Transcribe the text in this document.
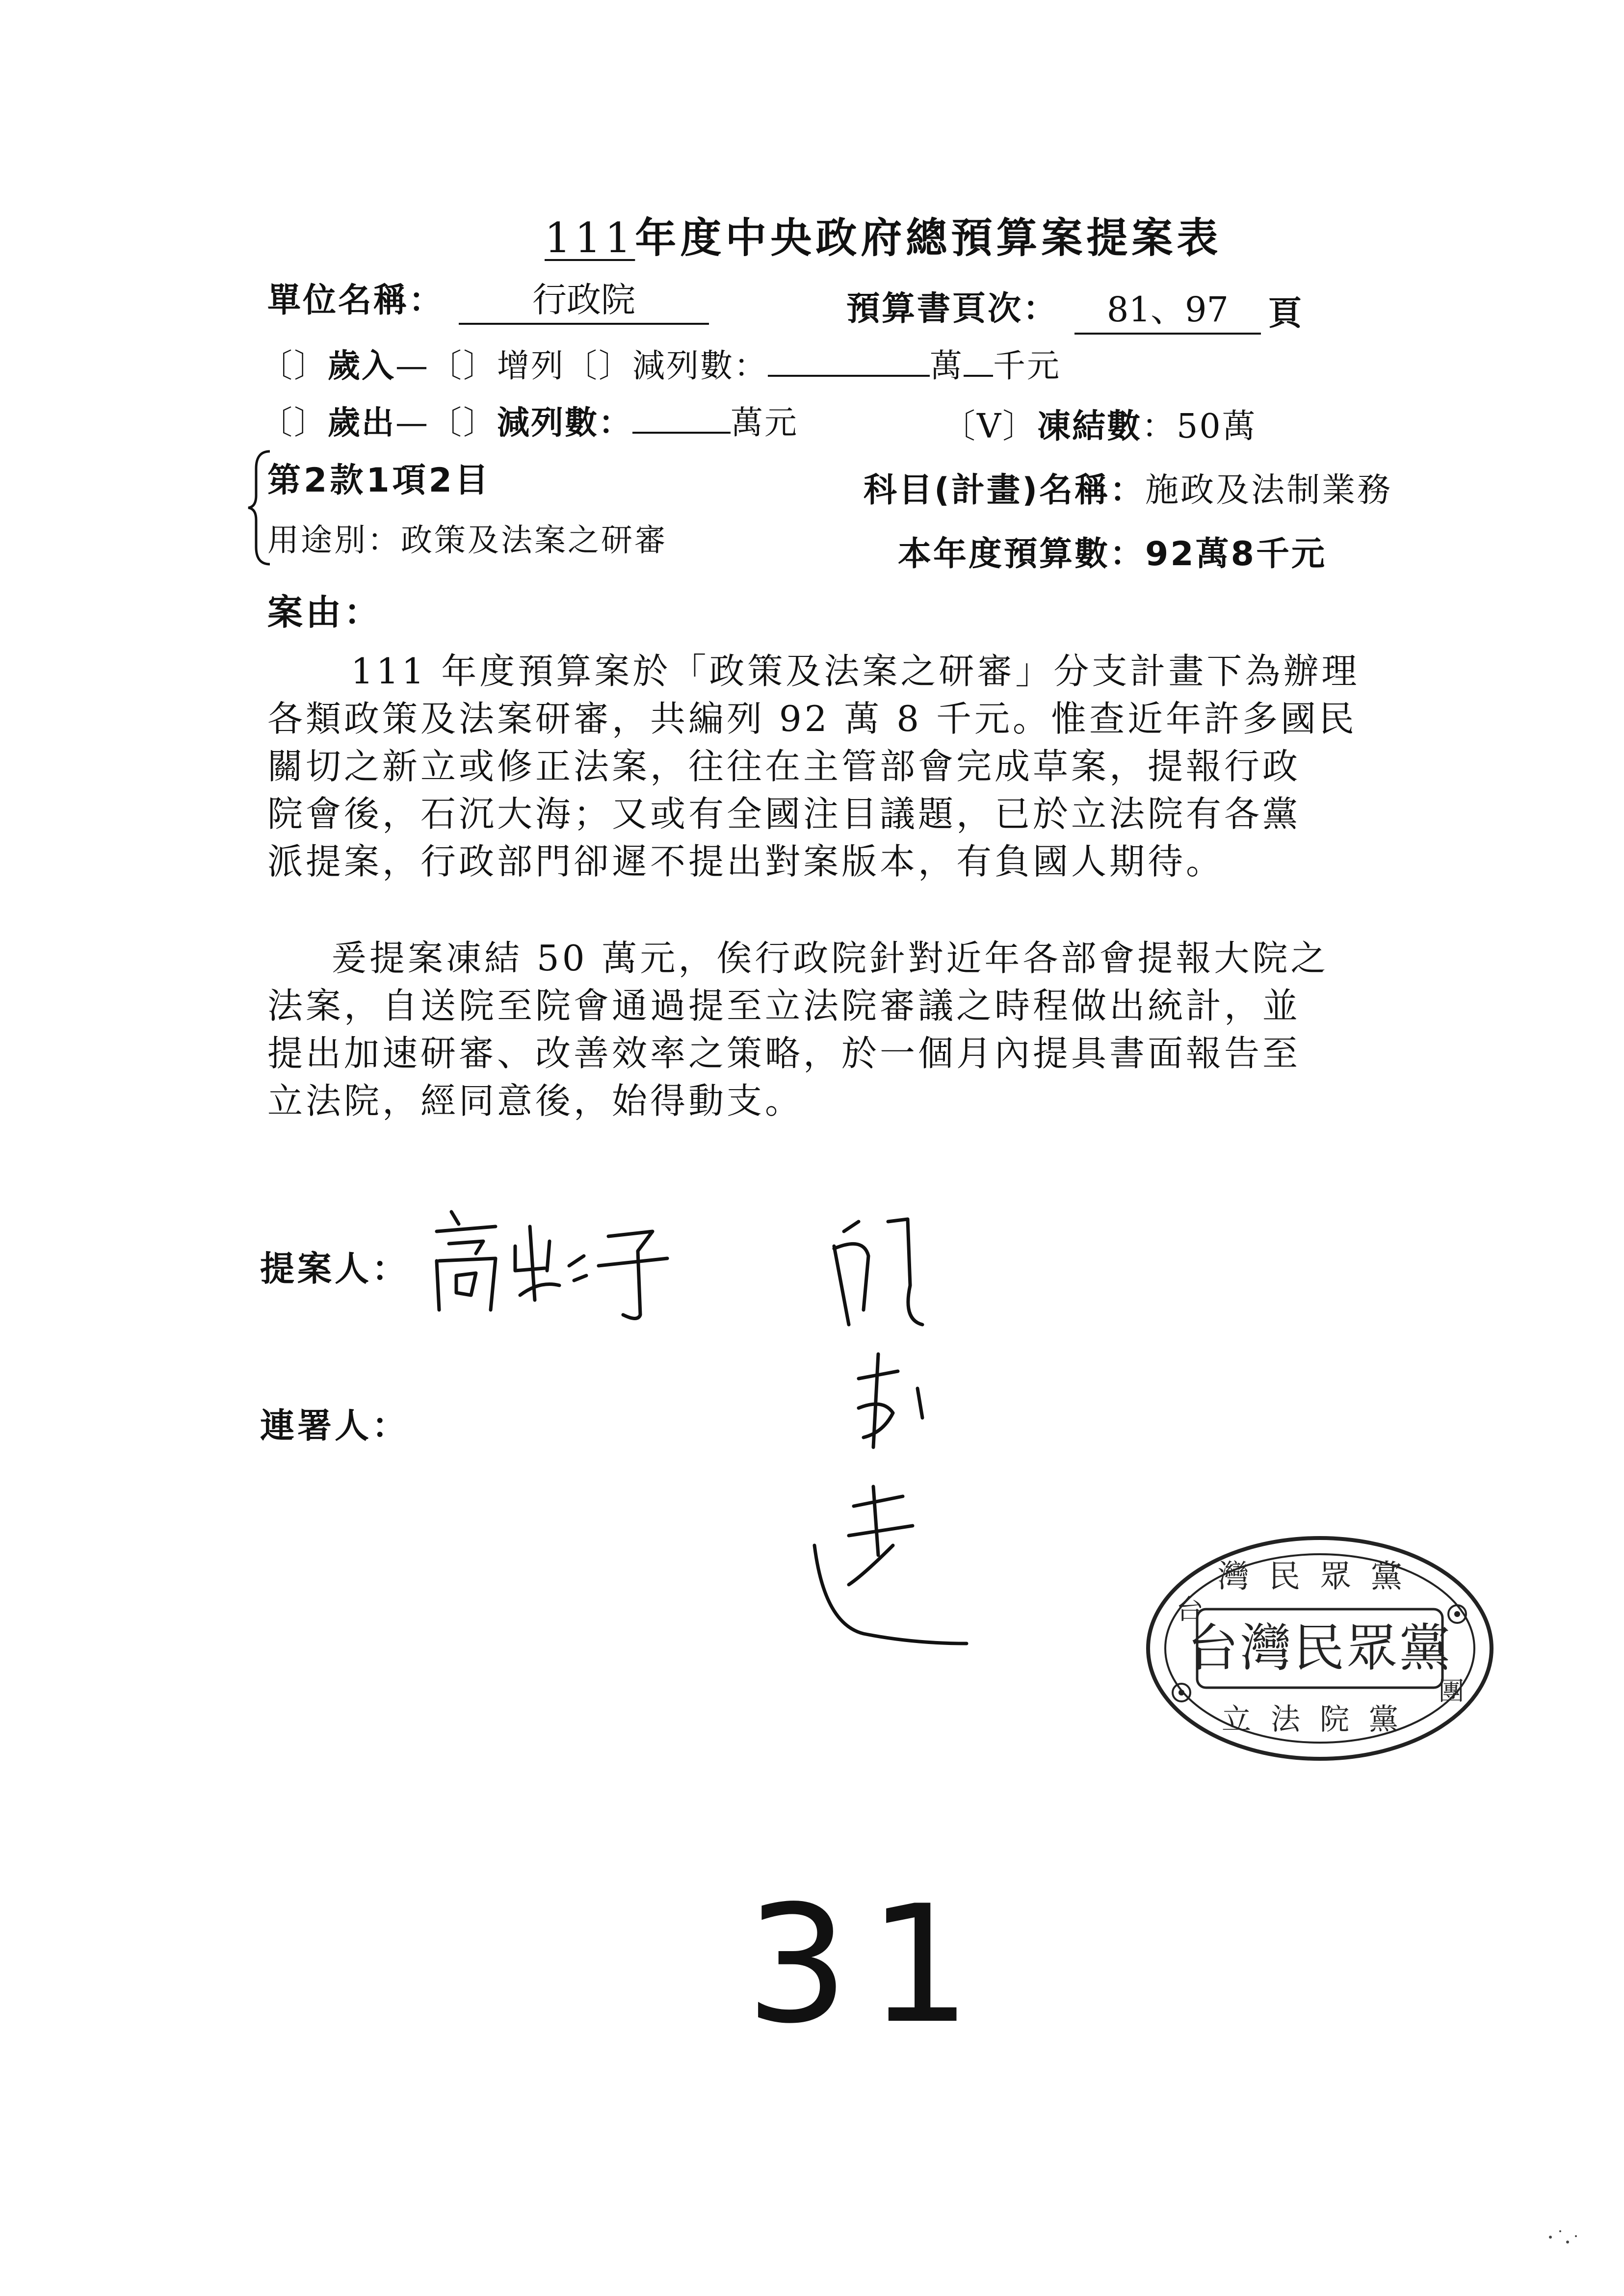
111年度中央政府總預算案提案表
單位名稱：	行政院	預算書頁次：	81、97	頁
〔〕歲入—〔〕增列〔〕減列數：	萬 千元
〔〕歲出—〔〕減列數：	萬元	〔V〕凍結數：50萬
第2款1項2目
用途別：政策及法案之研審
科目(計畫)名稱：施政及法制業務
本年度預算數：92萬8千元
案由：
111 年度預算案於「政策及法案之研審」分支計畫下為辦理
各類政策及法案研審，共編列 92 萬 8 千元。惟查近年許多國民
關切之新立或修正法案，往往在主管部會完成草案，提報行政
院會後，石沉大海；又或有全國注目議題，已於立法院有各黨
派提案，行政部門卻遲不提出對案版本，有負國人期待。
爰提案凍結 50 萬元，俟行政院針對近年各部會提報大院之
法案，自送院至院會通過提至立法院審議之時程做出統計，並
提出加速研審、改善效率之策略，於一個月內提具書面報告至
立法院，經同意後，始得動支。
提案人：
連署人：
台灣民眾黨
灣民眾黨
立法院黨
台
團
31
